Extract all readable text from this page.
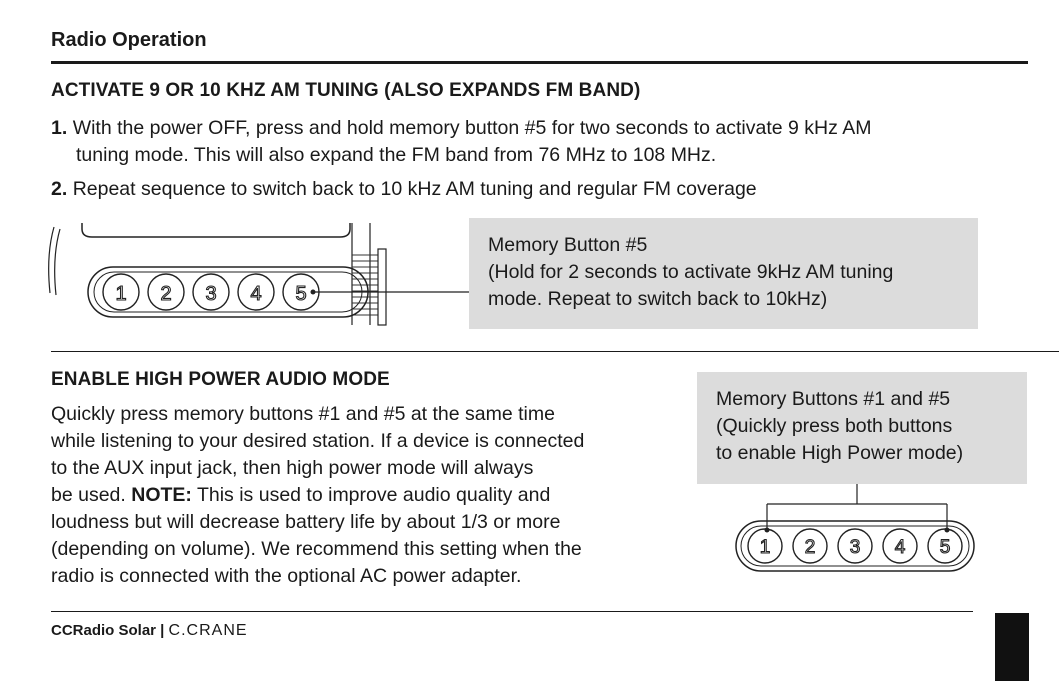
Radio Operation
ACTIVATE 9 OR 10 KHZ AM TUNING (ALSO EXPANDS FM BAND)
1. With the power OFF, press and hold memory button #5 for two seconds to activate 9 kHz AM
tuning mode. This will also expand the FM band from 76 MHz to 108 MHz.
2. Repeat sequence to switch back to 10 kHz AM tuning and regular FM coverage
1 2 3 4 5
Memory Button #5
(Hold for 2 seconds to activate 9kHz AM tuning
mode. Repeat to switch back to 10kHz)
ENABLE HIGH POWER AUDIO MODE
Quickly press memory buttons #1 and #5 at the same time
while listening to your desired station. If a device is connected
to the AUX input jack, then high power mode will always
be used. NOTE: This is used to improve audio quality and
loudness but will decrease battery life by about 1/3 or more
(depending on volume). We recommend this setting when the
radio is connected with the optional AC power adapter.
Memory Buttons #1 and #5
(Quickly press both buttons
to enable High Power mode)
1 2 3 4 5
CCRadio Solar | C.CRANE
